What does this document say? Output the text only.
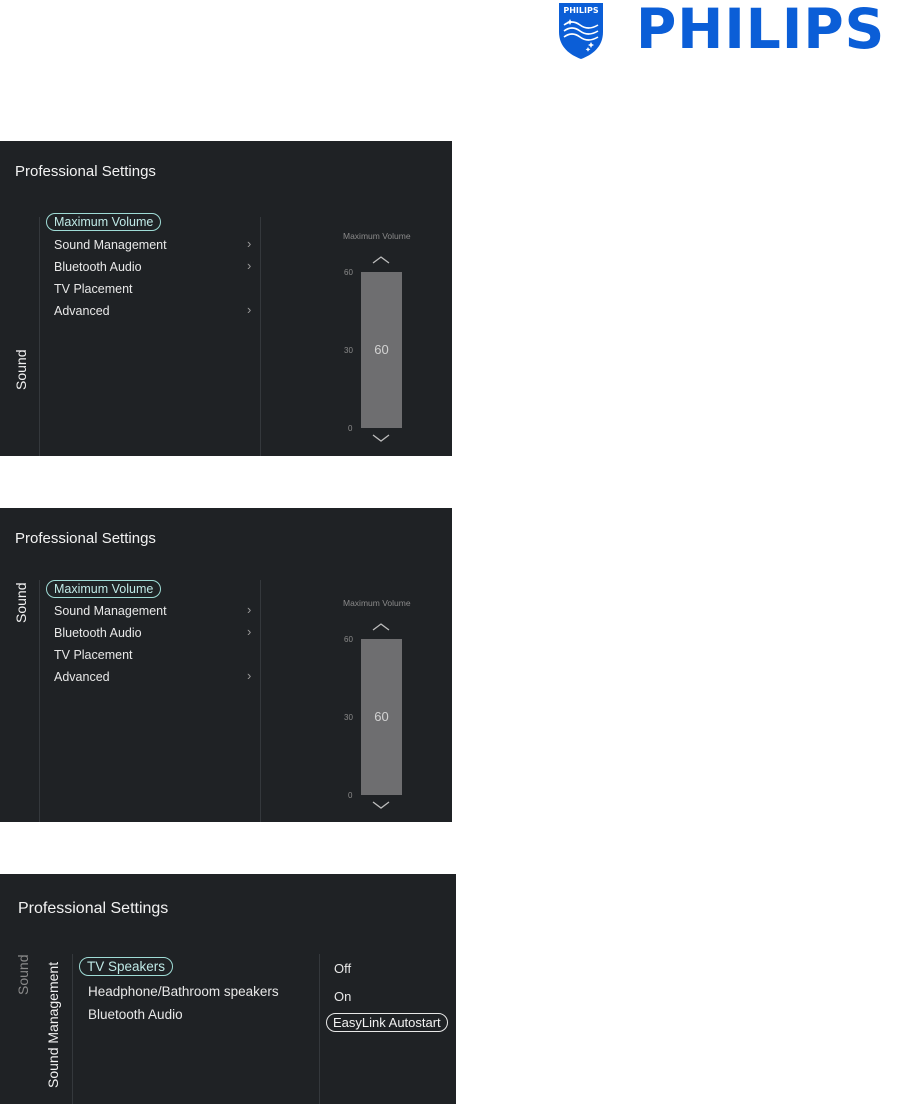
PHILIPS PHILIPS
Professional Settings
Sound
Maximum Volume
Sound Management	›
Bluetooth Audio	›
TV Placement
Advanced	›
Maximum Volume
60
30
0
60
Professional Settings
Sound	Maximum Volume
Sound Management	›
Bluetooth Audio	›
TV Placement
Advanced	›
Maximum Volume
60
30
0
60
Professional Settings
Sound Sound Management	TV Speakers
Headphone/Bathroom speakers
Bluetooth Audio
Off
On
EasyLink Autostart
